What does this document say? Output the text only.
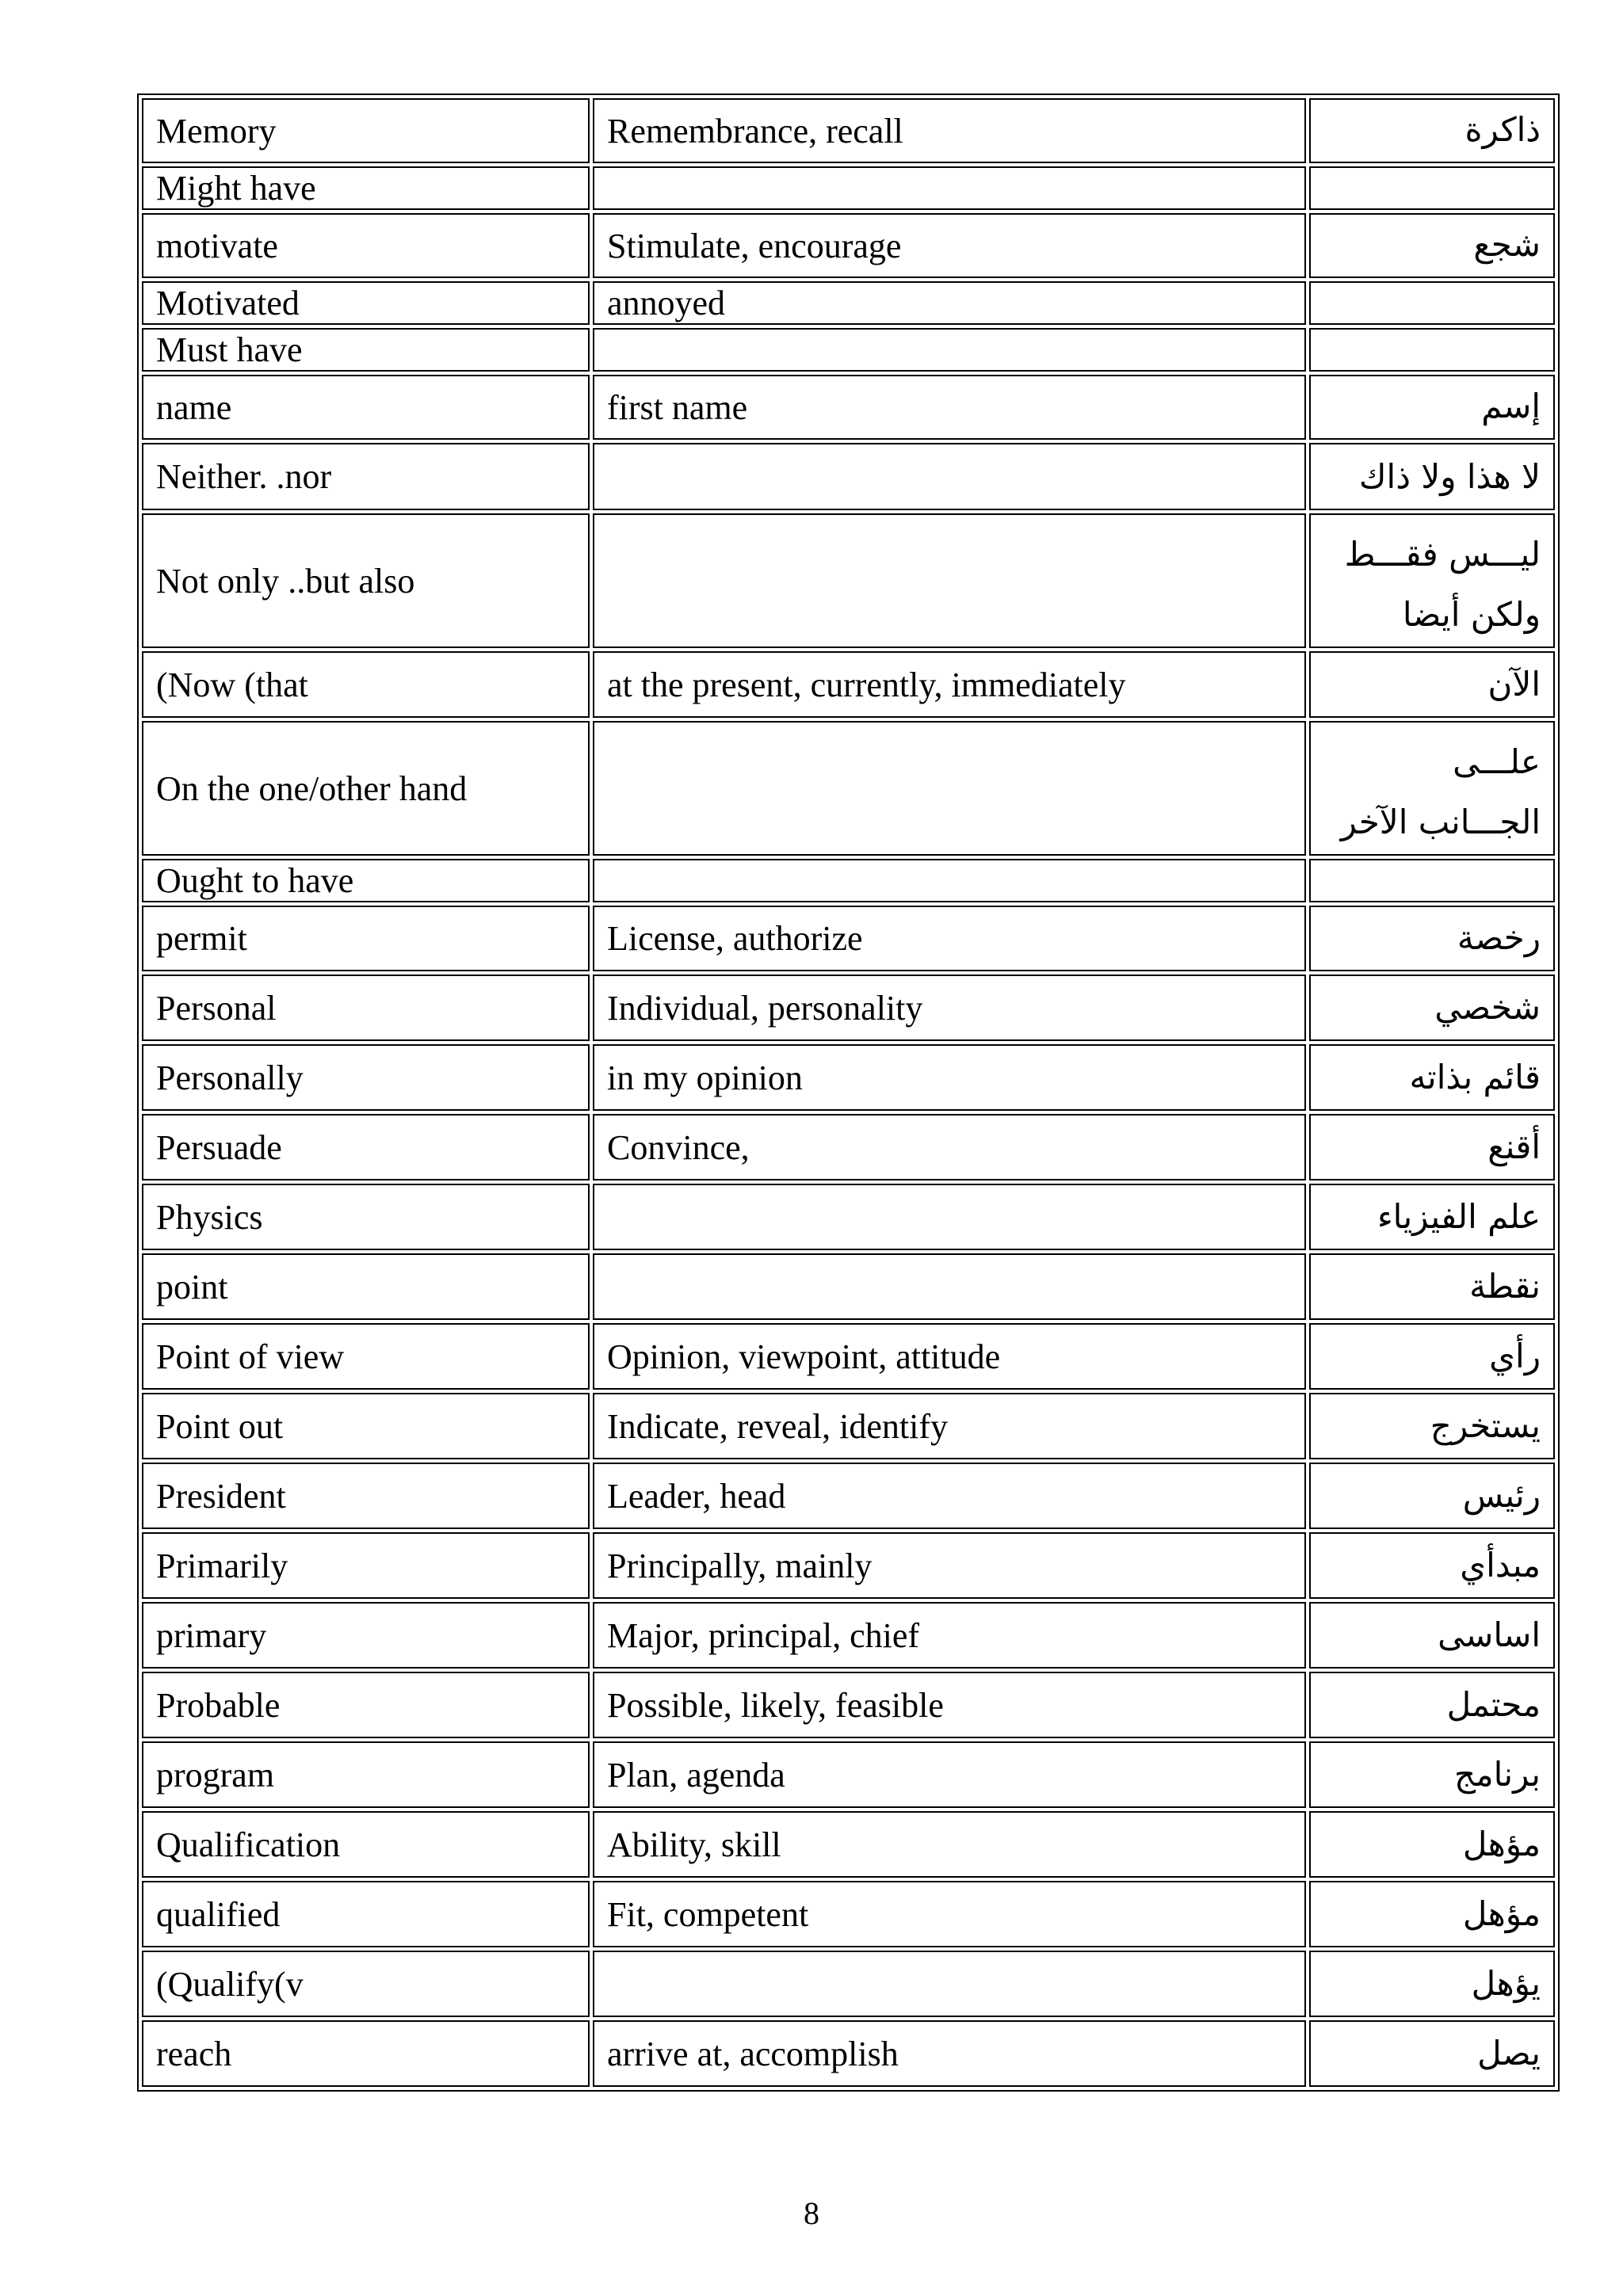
Memory	Remembrance, recall	ذاكرة
Might have		
motivate	Stimulate, encourage	شجع
Motivated	annoyed	
Must have		
name	first name	إسم
Neither. .nor		لا هذا ولا ذاك
Not only ..but also		ليـــس فقـــط ولكن أيضا
(Now (that	at the present, currently, immediately	الآن
On the one/other hand		علـــى الجـــانب الآخر
Ought to have		
permit	License, authorize	رخصة
Personal	Individual, personality	شخصي
Personally	in my opinion	قائم بذاته
Persuade	Convince,	أقنع
Physics		علم الفيزياء
point		نقطة
Point of view	Opinion, viewpoint, attitude	رأي
Point out	Indicate, reveal, identify	يستخرج
President	Leader, head	رئيس
Primarily	Principally, mainly	مبدأي
primary	Major, principal, chief	اساسى
Probable	Possible, likely, feasible	محتمل
program	Plan, agenda	برنامج
Qualification	Ability, skill	مؤهل
qualified	Fit, competent	مؤهل
(Qualify(v		يؤهل
reach	arrive at, accomplish	يصل
8
